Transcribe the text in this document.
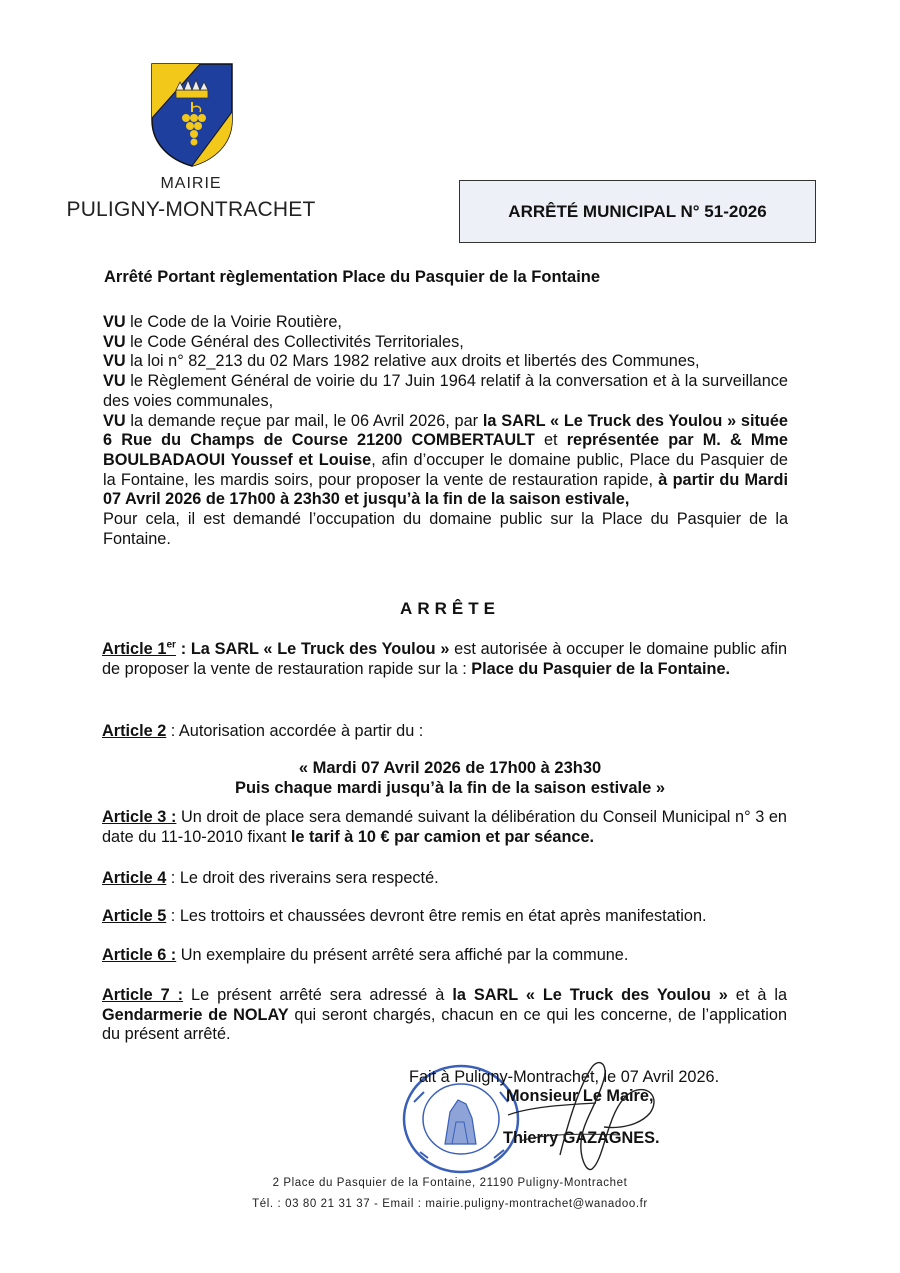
MAIRIE
PULIGNY-MONTRACHET	ARRÊTÉ MUNICIPAL N° 51-2026
Arrêté Portant règlementation Place du Pasquier de la Fontaine

VU le Code de la Voirie Routière,

VU le Code Général des Collectivités Territoriales,

VU la loi n° 82_213 du 02 Mars 1982 relative aux droits et libertés des Communes,

VU le Règlement Général de voirie du 17 Juin 1964 relatif à la conversation et à la surveillance des voies communales,

VU la demande reçue par mail, le 06 Avril 2026, par la SARL « Le Truck des Youlou » située 6 Rue du Champs de Course 21200 COMBERTAULT et représentée par M. & Mme BOULBADAOUI Youssef et Louise, afin d’occuper le domaine public, Place du Pasquier de la Fontaine, les mardis soirs, pour proposer la vente de restauration rapide, à partir du Mardi 07 Avril 2026 de 17h00 à 23h30 et jusqu’à la fin de la saison estivale,

Pour cela, il est demandé l’occupation du domaine public sur la Place du Pasquier de la Fontaine.

ARRÊTE

Article 1er : La SARL « Le Truck des Youlou » est autorisée à occuper le domaine public afin de proposer la vente de restauration rapide sur la : Place du Pasquier de la Fontaine.

Article 2 : Autorisation accordée à partir du :

« Mardi 07 Avril 2026 de 17h00 à 23h30
Puis chaque mardi jusqu’à la fin de la saison estivale »

Article 3 : Un droit de place sera demandé suivant la délibération du Conseil Municipal n° 3 en date du 11-10-2010 fixant le tarif à 10 € par camion et par séance.

Article 4 : Le droit des riverains sera respecté.

Article 5 : Les trottoirs et chaussées devront être remis en état après manifestation.

Article 6 : Un exemplaire du présent arrêté sera affiché par la commune.

Article 7 : Le présent arrêté sera adressé à la SARL « Le Truck des Youlou » et à la Gendarmerie de NOLAY qui seront chargés, chacun en ce qui les concerne, de l’application du présent arrêté.

Fait à Puligny-Montrachet, le 07 Avril 2026.
Monsieur Le Maire,
Thierry GAZAGNES.
2 Place du Pasquier de la Fontaine, 21190 Puligny-Montrachet
Tél. : 03 80 21 31 37 - Email : mairie.puligny-montrachet@wanadoo.fr
